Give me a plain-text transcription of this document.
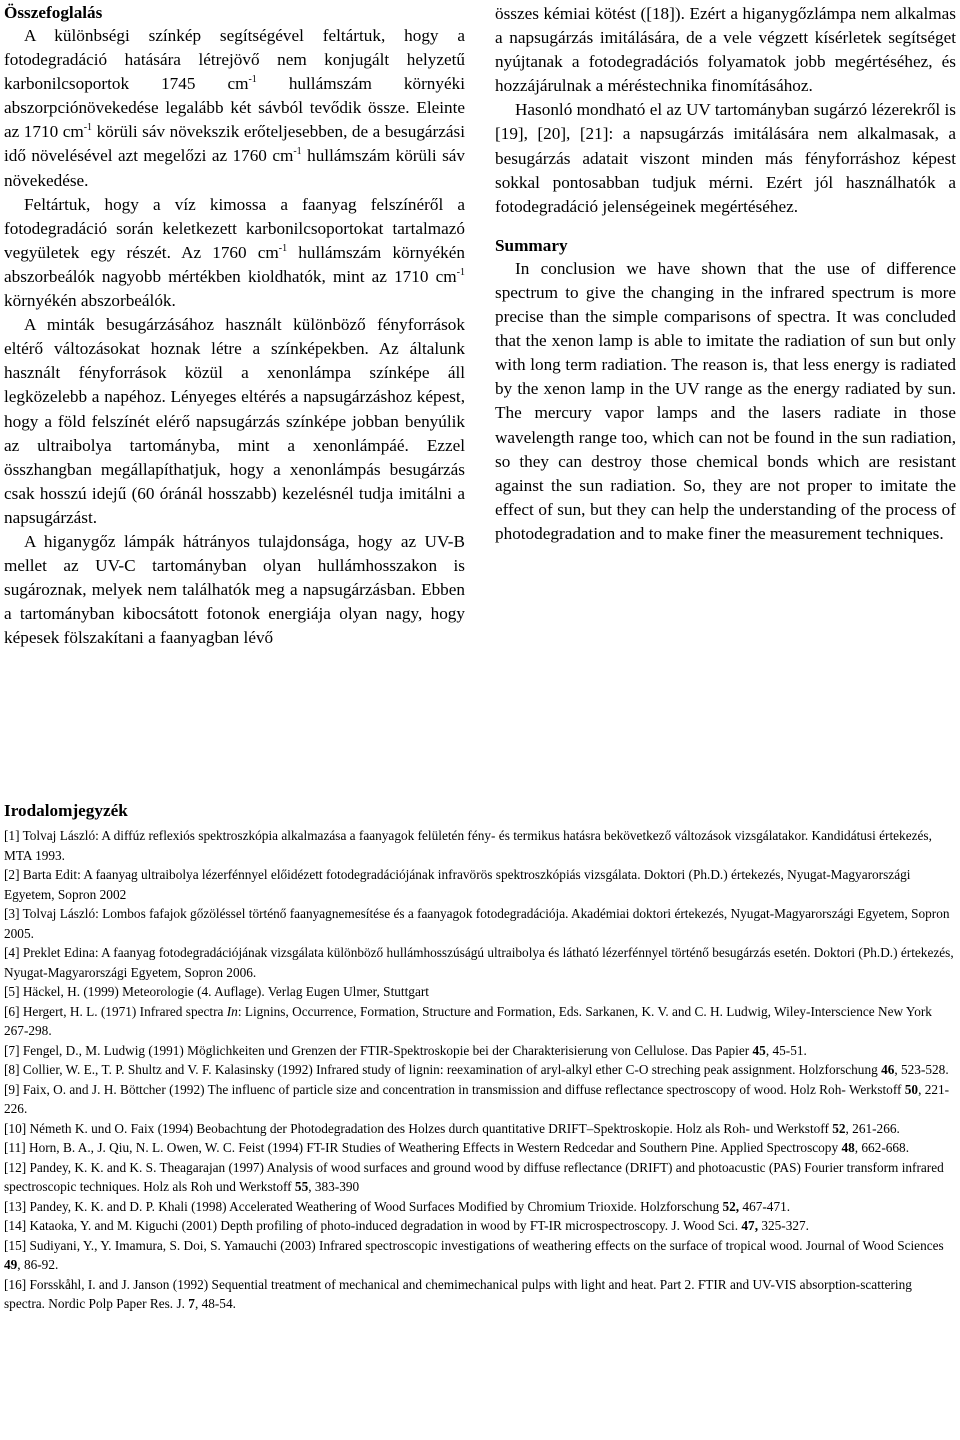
Összefoglalás

A különbségi színkép segítségével feltártuk, hogy a fotodegradáció hatására létrejövő nem konjugált helyzetű karbonilcsoportok 1745 $cm^{-1}$ hullámszám környéki abszorpciónövekedése legalább két sávból tevődik össze. Eleinte az 1710 $cm^{-1}$ körüli sáv növekszik erőteljesebben, de a besugárzási idő növelésével azt megelőzi az 1760 $cm^{-1}$ hullámszám körüli sáv növekedése.

Feltártuk, hogy a víz kimossa a faanyag felszínéről a fotodegradáció során keletkezett karbonilcsoportokat tartalmazó vegyületek egy részét. Az 1760 $cm^{-1}$ hullámszám környékén abszorbeálók nagyobb mértékben kioldhatók, mint az 1710 $cm^{-1}$ környékén abszorbeálók.

A minták besugárzásához használt különböző fényforrások eltérő változásokat hoznak létre a színképekben. Az általunk használt fényforrások közül a xenonlámpa színképe áll legközelebb a napéhoz. Lényeges eltérés a napsugárzáshoz képest, hogy a föld felszínét elérő napsugárzás színképe jobban benyúlik az ultraibolya tartományba, mint a xenonlámpáé. Ezzel összhangban megállapíthatjuk, hogy a xenonlámpás besugárzás csak hosszú idejű (60 óránál hosszabb) kezelésnél tudja imitálni a napsugárzást.

A higanygőz lámpák hátrányos tulajdonsága, hogy az UV-B mellet az UV-C tartományban olyan hullámhosszakon is sugároznak, melyek nem találhatók meg a napsugárzásban. Ebben a tartományban kibocsátott fotonok energiája olyan nagy, hogy képesek fölszakítani a faanyagban lévő

összes kémiai kötést ([18]). Ezért a higanygőzlámpa nem alkalmas a napsugárzás imitálására, de a vele végzett kísérletek segítséget nyújtanak a fotodegradációs folyamatok jobb megértéséhez, és hozzájárulnak a méréstechnika finomításához.

Hasonló mondható el az UV tartományban sugárzó lézerekről is [19], [20], [21]: a napsugárzás imitálására nem alkalmasak, a besugárzás adatait viszont minden más fényforráshoz képest sokkal pontosabban tudjuk mérni. Ezért jól használhatók a fotodegradáció jelenségeinek megértéséhez.

Summary

In conclusion we have shown that the use of difference spectrum to give the changing in the infrared spectrum is more precise than the simple comparisons of spectra. It was concluded that the xenon lamp is able to imitate the radiation of sun but only with long term radiation. The reason is, that less energy is radiated by the xenon lamp in the UV range as the energy radiated by sun. The mercury vapor lamps and the lasers radiate in those wavelength range too, which can not be found in the sun radiation, so they can destroy those chemical bonds which are resistant against the sun radiation. So, they are not proper to imitate the effect of sun, but they can help the understanding of the process of photodegradation and to make finer the measurement techniques.

Irodalomjegyzék

[1] Tolvaj László: A diffúz reflexiós spektroszkópia alkalmazása a faanyagok felületén fény- és termikus hatásra bekövetkező változások vizsgálatakor. Kandidátusi értekezés, MTA 1993.

[2] Barta Edit: A faanyag ultraibolya lézerfénnyel előidézett fotodegradációjának infravörös spektroszkópiás vizsgálata. Doktori (Ph.D.) értekezés, Nyugat-Magyarországi Egyetem, Sopron 2002

[3] Tolvaj László: Lombos fafajok gőzöléssel történő faanyagnemesítése és a faanyagok fotodegradációja. Akadémiai doktori értekezés, Nyugat-Magyarországi Egyetem, Sopron 2005.

[4] Preklet Edina: A faanyag fotodegradációjának vizsgálata különböző hullámhosszúságú ultraibolya és látható lézerfénnyel történő besugárzás esetén. Doktori (Ph.D.) értekezés, Nyugat-Magyarországi Egyetem, Sopron 2006.

[5] Häckel, H. (1999) Meteorologie (4. Auflage). Verlag Eugen Ulmer, Stuttgart

[6] Hergert, H. L. (1971) Infrared spectra In: Lignins, Occurrence, Formation, Structure and Formation, Eds. Sarkanen, K. V. and C. H. Ludwig, Wiley-Interscience New York 267-298.

[7] Fengel, D., M. Ludwig (1991) Möglichkeiten und Grenzen der FTIR-Spektroskopie bei der Charakterisierung von Cellulose. Das Papier 45, 45-51.

[8] Collier, W. E., T. P. Shultz and V. F. Kalasinsky (1992) Infrared study of lignin: reexamination of aryl-alkyl ether C-O streching peak assignment. Holzforschung 46, 523-528.

[9] Faix, O. and J. H. Böttcher (1992) The influenc of particle size and concentration in transmission and diffuse reflectance spectroscopy of wood. Holz Roh- Werkstoff 50, 221-226.

[10] Németh K. und O. Faix (1994) Beobachtung der Photodegradation des Holzes durch quantitative DRIFT–Spektroskopie. Holz als Roh- und Werkstoff 52, 261-266.

[11] Horn, B. A., J. Qiu, N. L. Owen, W. C. Feist (1994) FT-IR Studies of Weathering Effects in Western Redcedar and Southern Pine. Applied Spectroscopy 48, 662-668.

[12] Pandey, K. K. and K. S. Theagarajan (1997) Analysis of wood surfaces and ground wood by diffuse reflectance (DRIFT) and photoacustic (PAS) Fourier transform infrared spectroscopic techniques. Holz als Roh und Werkstoff 55, 383-390

[13] Pandey, K. K. and D. P. Khali (1998) Accelerated Weathering of Wood Surfaces Modified by Chromium Trioxide. Holzforschung 52, 467-471.

[14] Kataoka, Y. and M. Kiguchi (2001) Depth profiling of photo-induced degradation in wood by FT-IR microspectroscopy. J. Wood Sci. 47, 325-327.

[15] Sudiyani, Y., Y. Imamura, S. Doi, S. Yamauchi (2003) Infrared spectroscopic investigations of weathering effects on the surface of tropical wood. Journal of Wood Sciences 49, 86-92.

[16] Forsskåhl, I. and J. Janson (1992) Sequential treatment of mechanical and chemimechanical pulps with light and heat. Part 2. FTIR and UV-VIS absorption-scattering spectra. Nordic Polp Paper Res. J. 7, 48-54.
